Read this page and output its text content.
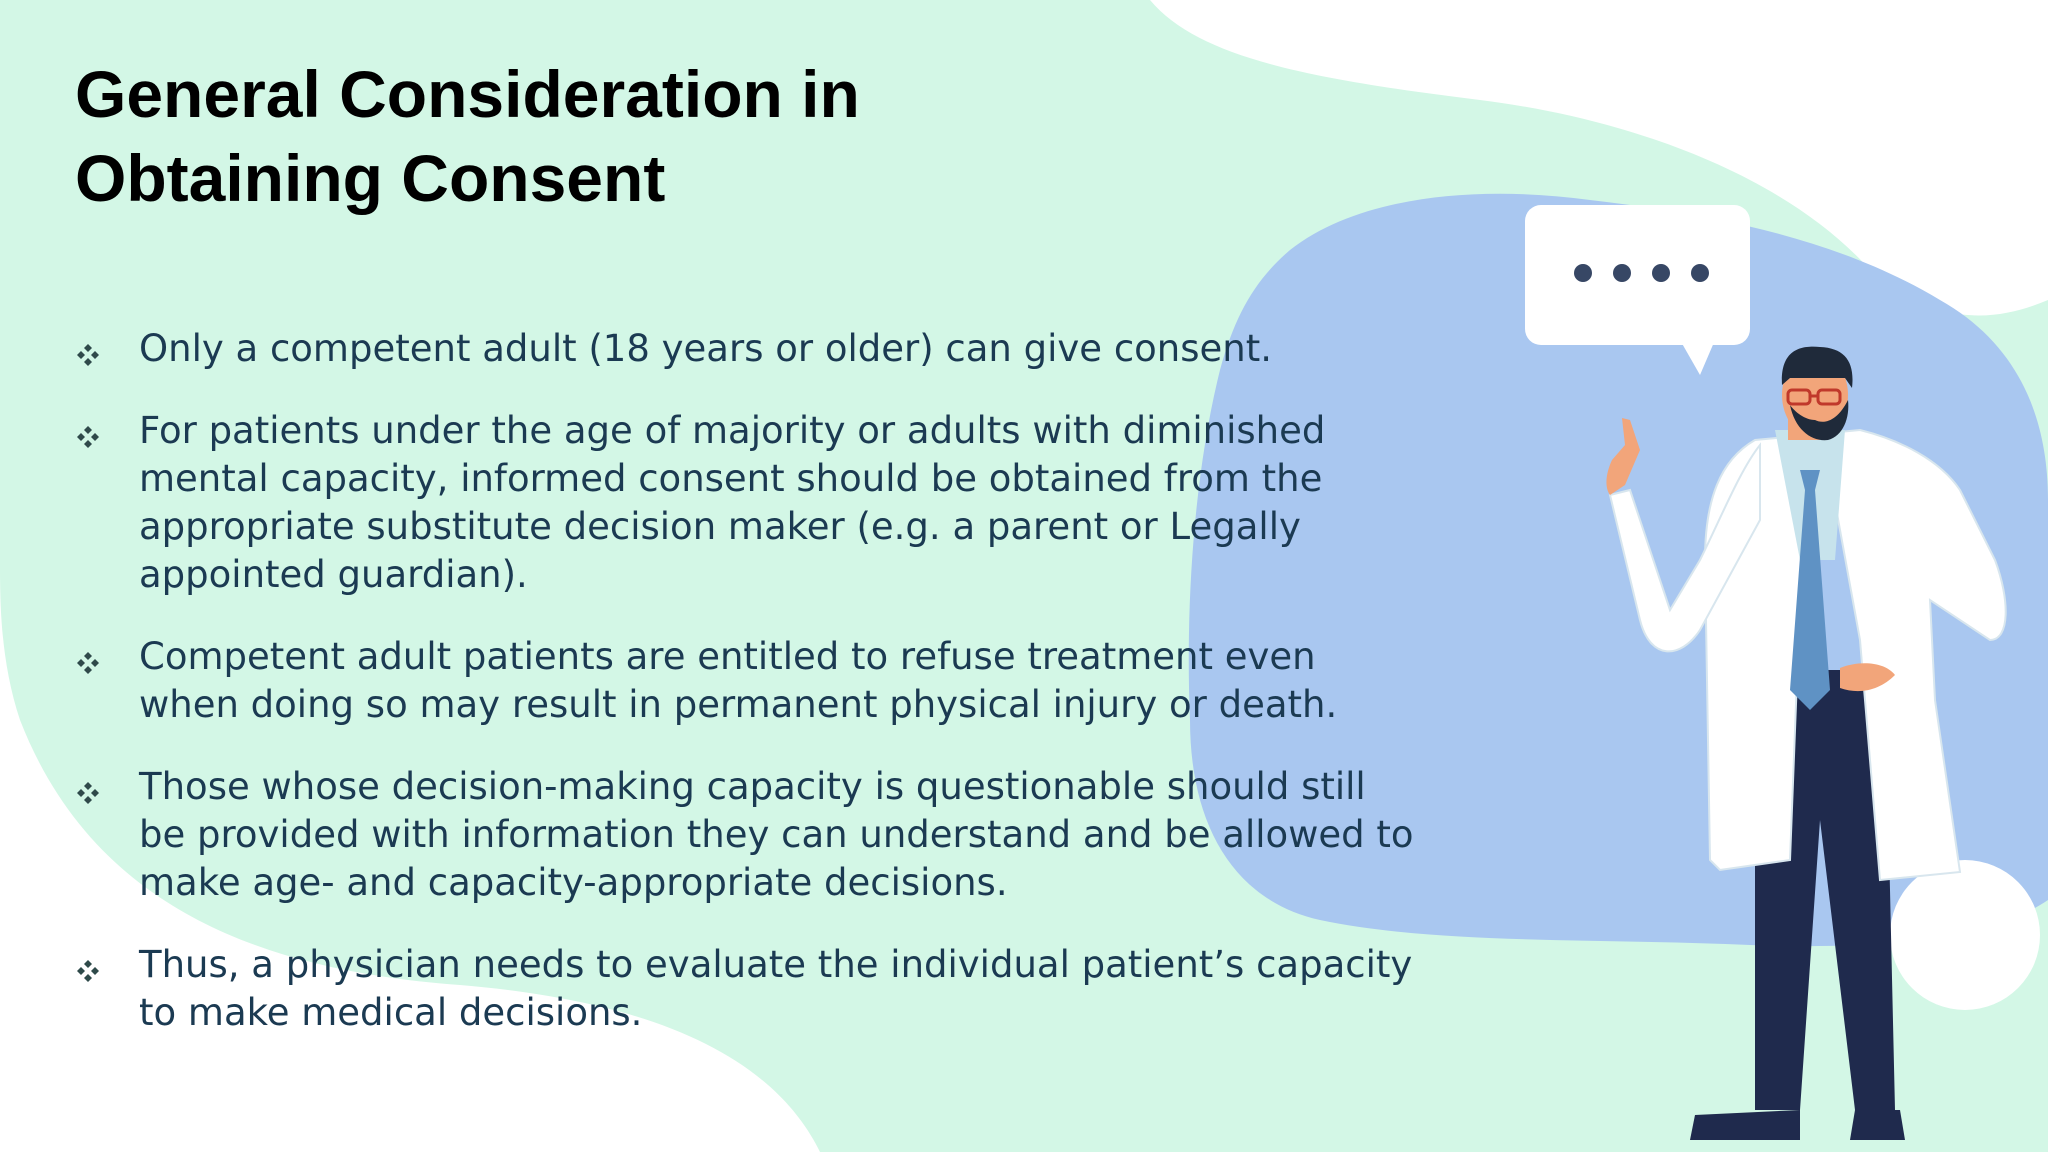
General Consideration in
Obtaining Consent
Only a competent adult (18 years or older) can give consent.
For patients under the age of majority or adults with diminished
mental capacity, informed consent should be obtained from the
appropriate substitute decision maker (e.g. a parent or Legally
appointed guardian).
Competent adult patients are entitled to refuse treatment even
when doing so may result in permanent physical injury or death.
Those whose decision-making capacity is questionable should still
be provided with information they can understand and be allowed to
make age- and capacity-appropriate decisions.
Thus, a physician needs to evaluate the individual patient’s capacity
to make medical decisions.
